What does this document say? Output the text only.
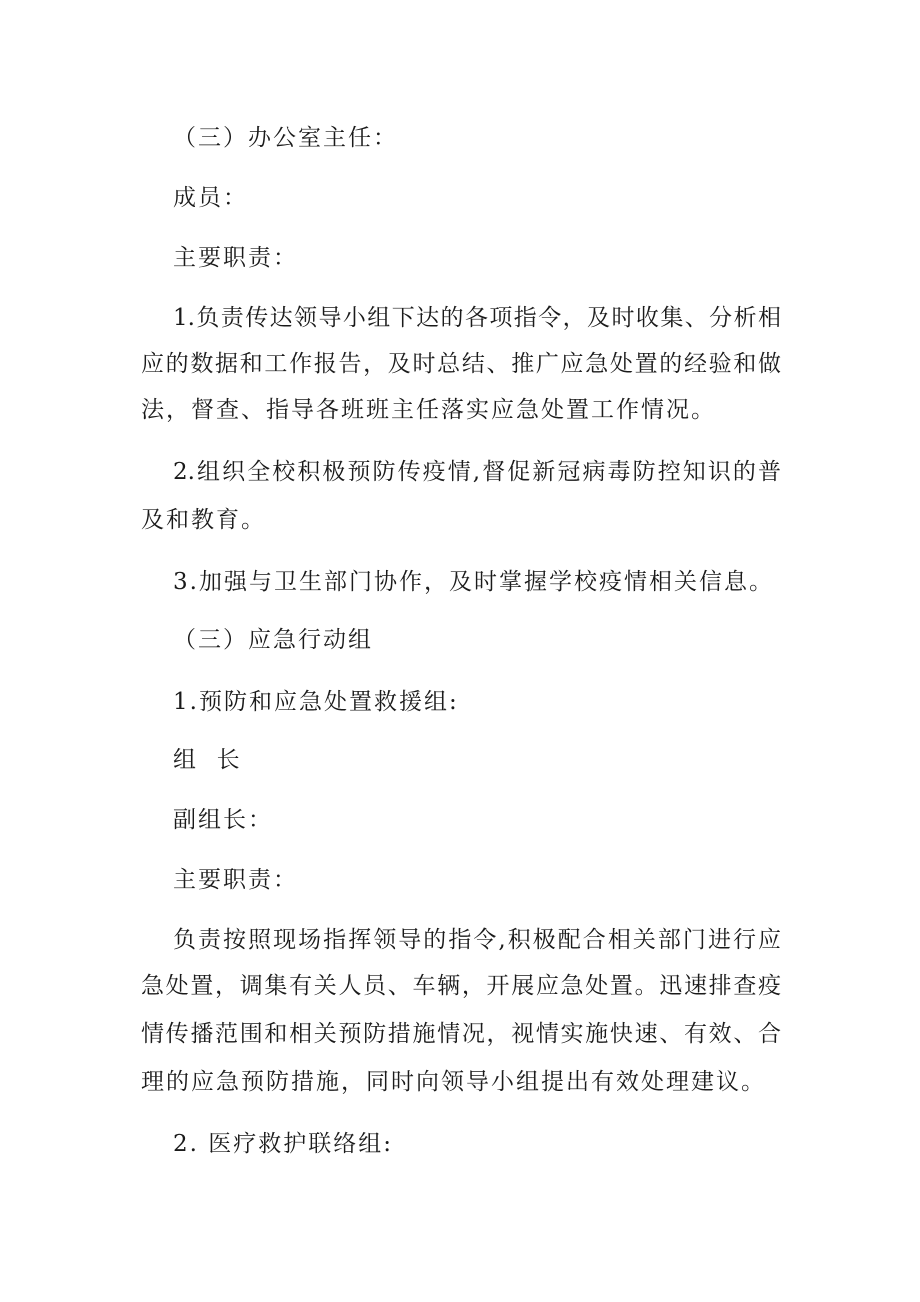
（三）办公室主任：
成员：
主要职责：
1.负责传达领导小组下达的各项指令，及时收集、分析相
应的数据和工作报告，及时总结、推广应急处置的经验和做
法，督查、指导各班班主任落实应急处置工作情况。
2.组织全校积极预防传疫情,督促新冠病毒防控知识的普
及和教育。
3.加强与卫生部门协作，及时掌握学校疫情相关信息。
（三）应急行动组
1.预防和应急处置救援组:
组  长
副组长：
主要职责：
负责按照现场指挥领导的指令,积极配合相关部门进行应
急处置，调集有关人员、车辆，开展应急处置。迅速排查疫
情传播范围和相关预防措施情况，视情实施快速、有效、合
理的应急预防措施，同时向领导小组提出有效处理建议。
2. 医疗救护联络组:
